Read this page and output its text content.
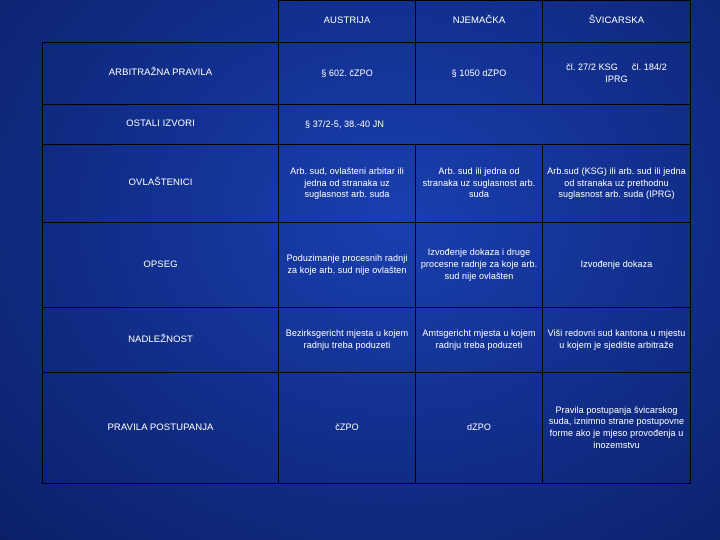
	AUSTRIJA	NJEMAČKA	ŠVICARSKA
ARBITRAŽNA PRAVILA	§ 602. čZPO	§ 1050 dZPO	čl. 27/2 KSG čl. 184/2
IPRG

OSTALI IZVORI	§ 37/2-5, 38.-40 JN		
OVLAŠTENICI	Arb. sud, ovlašteni arbitar ili jedna od stranaka uz suglasnost arb. suda	Arb. sud ili jedna od stranaka uz suglasnost arb. suda	Arb.sud (KSG) ili arb. sud ili jedna od stranaka uz prethodnu suglasnost arb. suda (IPRG)
OPSEG	Poduzimanje procesnih radnji za koje arb. sud nije ovlašten	Izvođenje dokaza i druge procesne radnje za koje arb. sud nije ovlašten	Izvođenje dokaza
NADLEŽNOST	Bezirksgericht mjesta u kojem radnju treba poduzeti	Amtsgericht mjesta u kojem radnju treba poduzeti	Viši redovni sud kantona u mjestu u kojem je sjedište arbitraže
PRAVILA POSTUPANJA	čZPO	dZPO	Pravila postupanja švicarskog suda, iznimno strane postupovne forme ako je mjeso provođenja u inozemstvu
